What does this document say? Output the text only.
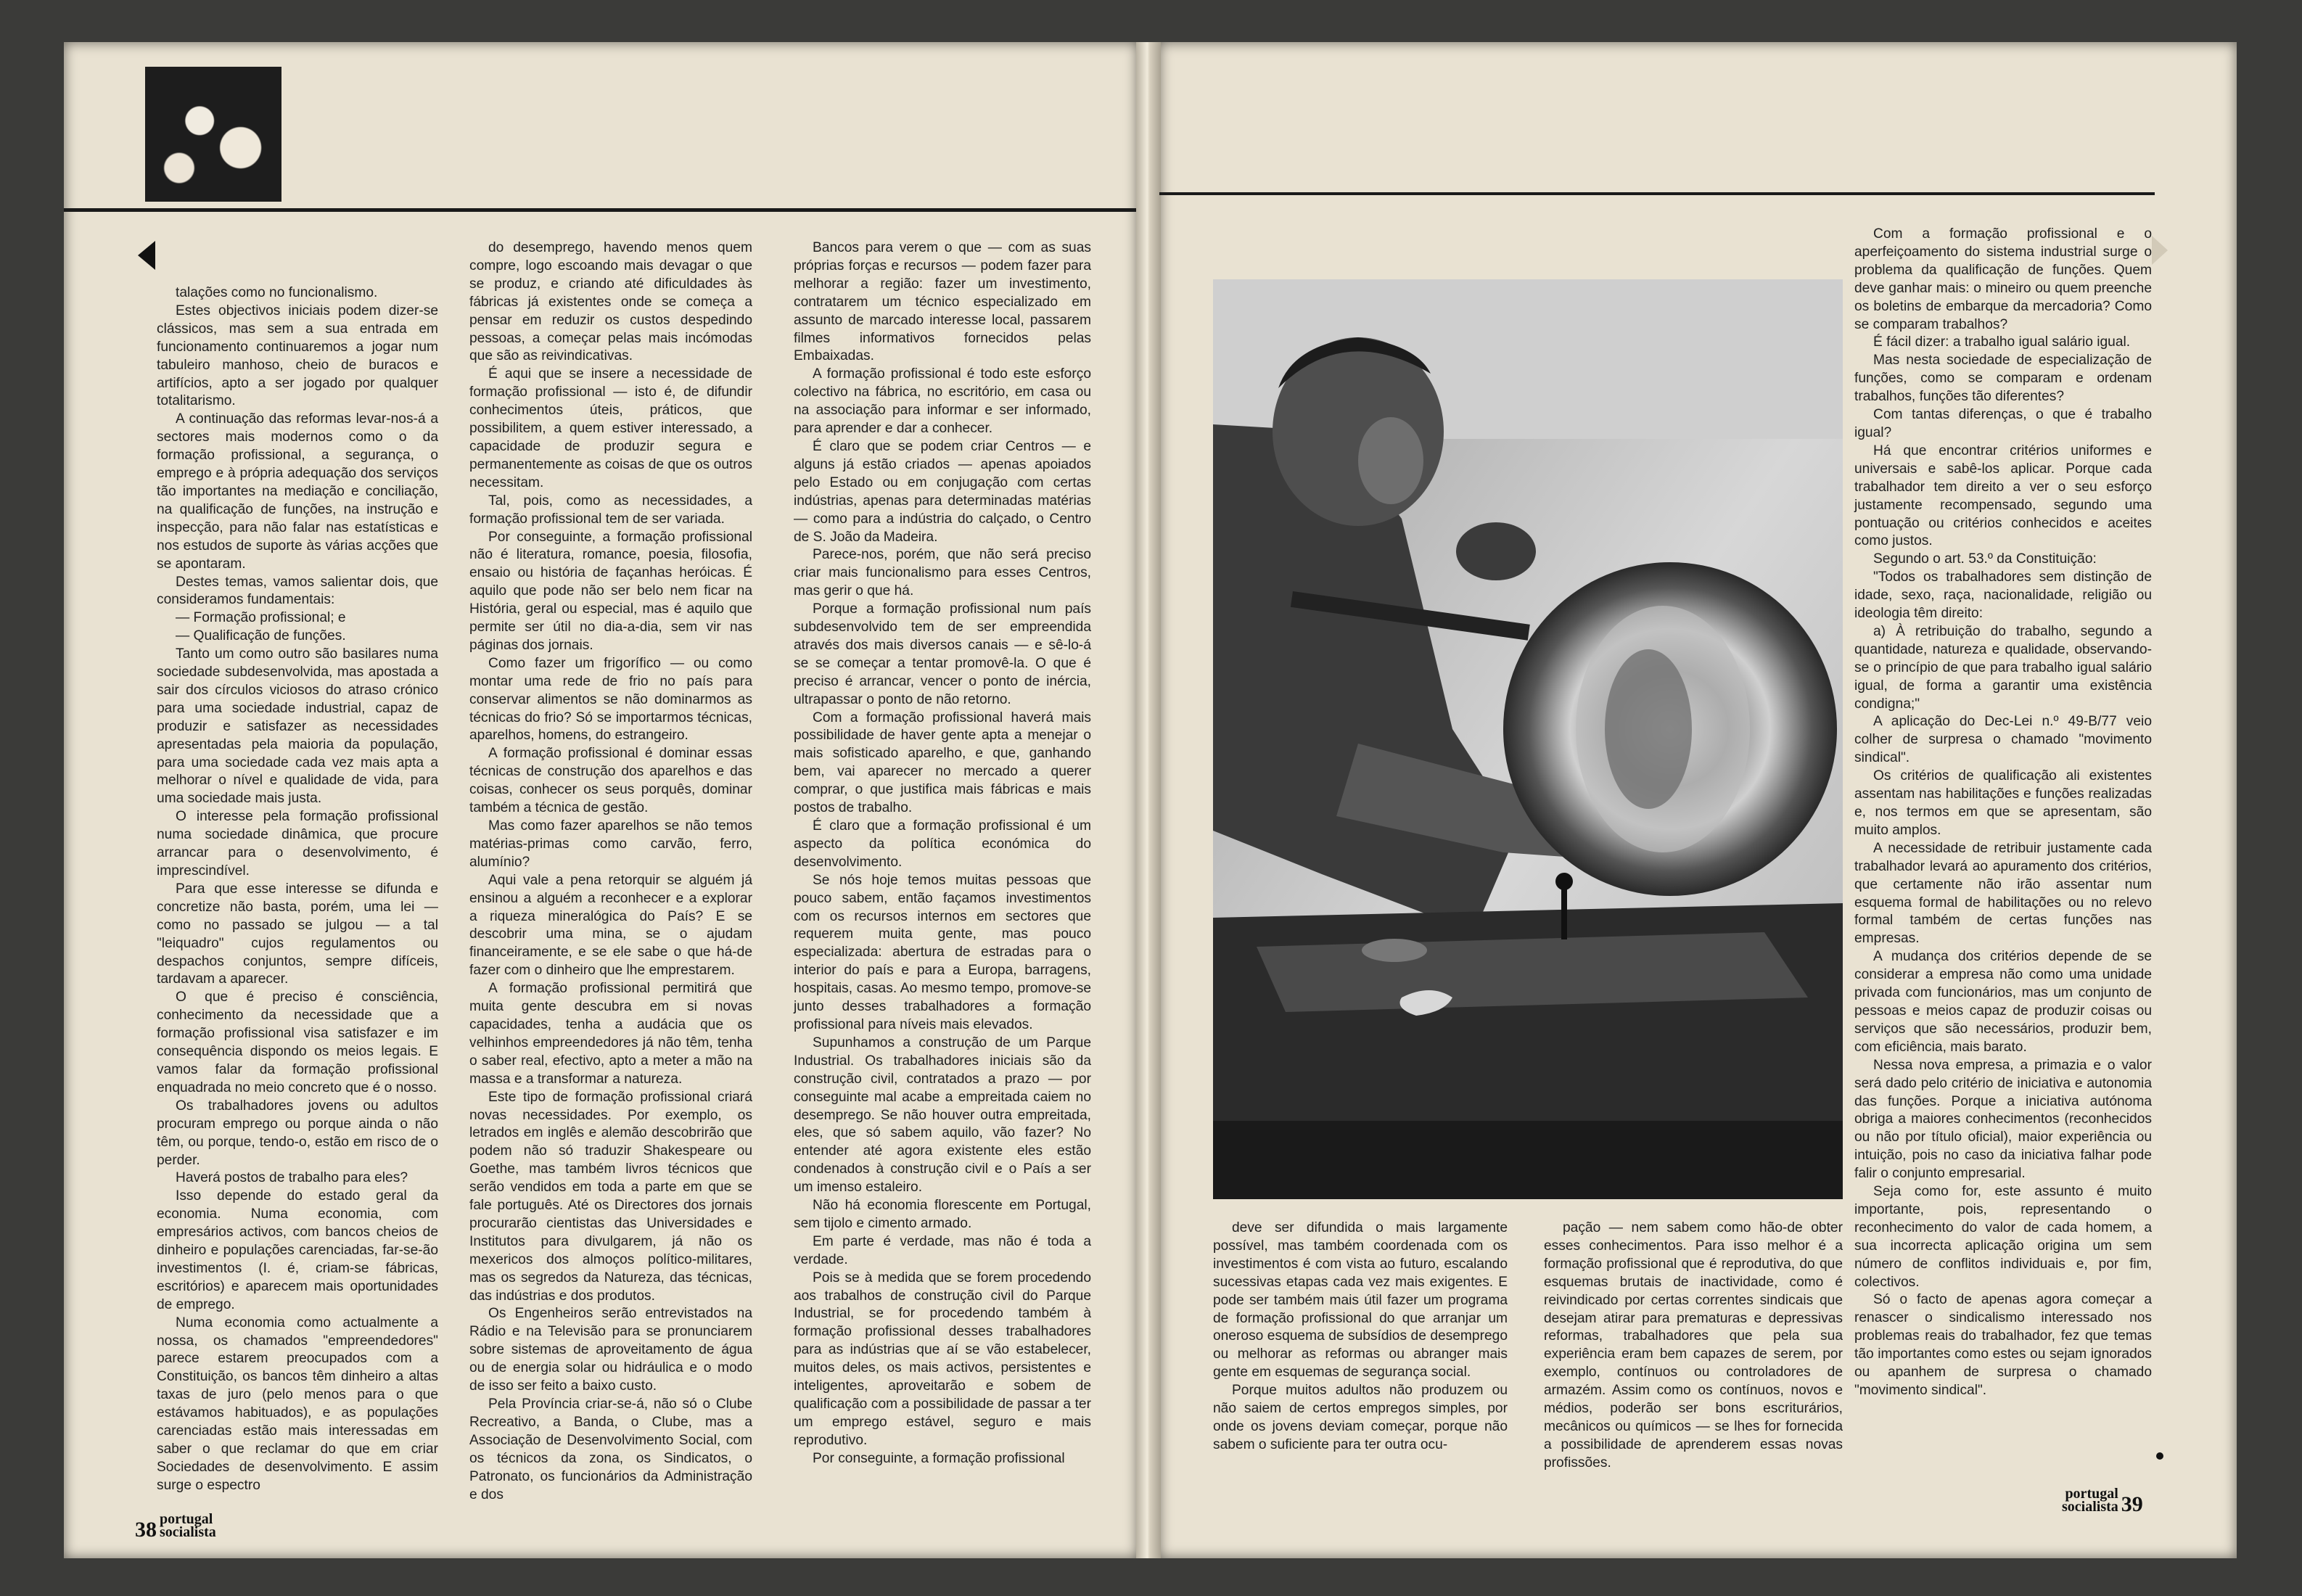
talações como no funcionalismo.

Estes objectivos iniciais podem dizer-se clássicos, mas sem a sua entrada em funcionamento continuaremos a jogar num tabuleiro manhoso, cheio de buracos e artifícios, apto a ser jogado por qualquer totalitarismo.

A continuação das reformas levar-nos-á a sectores mais modernos como o da formação profissional, a segurança, o emprego e à própria adequação dos serviços tão importantes na mediação e conciliação, na qualificação de funções, na instrução e inspecção, para não falar nas estatísticas e nos estudos de suporte às várias acções que se apontaram.

Destes temas, vamos salientar dois, que consideramos fundamentais:

— Formação profissional; e

— Qualificação de funções.

Tanto um como outro são basilares numa sociedade subdesenvolvida, mas apostada a sair dos círculos viciosos do atraso crónico para uma sociedade industrial, capaz de produzir e satisfazer as necessidades apresentadas pela maioria da população, para uma sociedade cada vez mais apta a melhorar o nível e qualidade de vida, para uma sociedade mais justa.

O interesse pela formação profissional numa sociedade dinâmica, que procure arrancar para o desenvolvimento, é imprescindível.

Para que esse interesse se difunda e concretize não basta, porém, uma lei — como no passado se julgou — a tal "leiquadro" cujos regulamentos ou despachos conjuntos, sempre difíceis, tardavam a aparecer.

O que é preciso é consciência, conhecimento da necessidade que a formação profissional visa satisfazer e im consequência dispondo os meios legais. E vamos falar da formação profissional enquadrada no meio concreto que é o nosso.

Os trabalhadores jovens ou adultos procuram emprego ou porque ainda o não têm, ou porque, tendo-o, estão em risco de o perder.

Haverá postos de trabalho para eles?

Isso depende do estado geral da economia. Numa economia, com empresários activos, com bancos cheios de dinheiro e populações carenciadas, far-se-ão investimentos (I. é, criam-se fábricas, escritórios) e aparecem mais oportunidades de emprego.

Numa economia como actualmente a nossa, os chamados "empreendedores" parece estarem preocupados com a Constituição, os bancos têm dinheiro a altas taxas de juro (pelo menos para o que estávamos habituados), e as populações carenciadas estão mais interessadas em saber o que reclamar do que em criar Sociedades de desenvolvimento. E assim surge o espectro

do desemprego, havendo menos quem compre, logo escoando mais devagar o que se produz, e criando até dificuldades às fábricas já existentes onde se começa a pensar em reduzir os custos despedindo pessoas, a começar pelas mais incómodas que são as reivindicativas.

É aqui que se insere a necessidade de formação profissional — isto é, de difundir conhecimentos úteis, práticos, que possibilitem, a quem estiver interessado, a capacidade de produzir segura e permanentemente as coisas de que os outros necessitam.

Tal, pois, como as necessidades, a formação profissional tem de ser variada.

Por conseguinte, a formação profissional não é literatura, romance, poesia, filosofia, ensaio ou história de façanhas heróicas. É aquilo que pode não ser belo nem ficar na História, geral ou especial, mas é aquilo que permite ser útil no dia-a-dia, sem vir nas páginas dos jornais.

Como fazer um frigorífico — ou como montar uma rede de frio no país para conservar alimentos se não dominarmos as técnicas do frio? Só se importarmos técnicas, aparelhos, homens, do estrangeiro.

A formação profissional é dominar essas técnicas de construção dos aparelhos e das coisas, conhecer os seus porquês, dominar também a técnica de gestão.

Mas como fazer aparelhos se não temos matérias-primas como carvão, ferro, alumínio?

Aqui vale a pena retorquir se alguém já ensinou a alguém a reconhecer e a explorar a riqueza mineralógica do País? E se descobrir uma mina, se o ajudam financeiramente, e se ele sabe o que há-de fazer com o dinheiro que lhe emprestarem.

A formação profissional permitirá que muita gente descubra em si novas capacidades, tenha a audácia que os velhinhos empreendedores já não têm, tenha o saber real, efectivo, apto a meter a mão na massa e a transformar a natureza.

Este tipo de formação profissional criará novas necessidades. Por exemplo, os letrados em inglês e alemão descobrirão que podem não só traduzir Shakespeare ou Goethe, mas também livros técnicos que serão vendidos em toda a parte em que se fale português. Até os Directores dos jornais procurarão cientistas das Universidades e Institutos para divulgarem, já não os mexericos dos almoços político-militares, mas os segredos da Natureza, das técnicas, das indústrias e dos produtos.

Os Engenheiros serão entrevistados na Rádio e na Televisão para se pronunciarem sobre sistemas de aproveitamento de água ou de energia solar ou hidráulica e o modo de isso ser feito a baixo custo.

Pela Província criar-se-á, não só o Clube Recreativo, a Banda, o Clube, mas a Associação de Desenvolvimento Social, com os técnicos da zona, os Sindicatos, o Patronato, os funcionários da Administração e dos

Bancos para verem o que — com as suas próprias forças e recursos — podem fazer para melhorar a região: fazer um investimento, contratarem um técnico especializado em assunto de marcado interesse local, passarem filmes informativos fornecidos pelas Embaixadas.

A formação profissional é todo este esforço colectivo na fábrica, no escritório, em casa ou na associação para informar e ser informado, para aprender e dar a conhecer.

É claro que se podem criar Centros — e alguns já estão criados — apenas apoiados pelo Estado ou em conjugação com certas indústrias, apenas para determinadas matérias — como para a indústria do calçado, o Centro de S. João da Madeira.

Parece-nos, porém, que não será preciso criar mais funcionalismo para esses Centros, mas gerir o que há.

Porque a formação profissional num país subdesenvolvido tem de ser empreendida através dos mais diversos canais — e sê-lo-á se se começar a tentar promovê-la. O que é preciso é arrancar, vencer o ponto de inércia, ultrapassar o ponto de não retorno.

Com a formação profissional haverá mais possibilidade de haver gente apta a menejar o mais sofisticado aparelho, e que, ganhando bem, vai aparecer no mercado a querer comprar, o que justifica mais fábricas e mais postos de trabalho.

É claro que a formação profissional é um aspecto da política económica do desenvolvimento.

Se nós hoje temos muitas pessoas que pouco sabem, então façamos investimentos com os recursos internos em sectores que requerem muita gente, mas pouco especializada: abertura de estradas para o interior do país e para a Europa, barragens, hospitais, casas. Ao mesmo tempo, promove-se junto desses trabalhadores a formação profissional para níveis mais elevados.

Supunhamos a construção de um Parque Industrial. Os trabalhadores iniciais são da construção civil, contratados a prazo — por conseguinte mal acabe a empreitada caiem no desemprego. Se não houver outra empreitada, eles, que só sabem aquilo, vão fazer? No entender até agora existente eles estão condenados à construção civil e o País a ser um imenso estaleiro.

Não há economia florescente em Portugal, sem tijolo e cimento armado.

Em parte é verdade, mas não é toda a verdade.

Pois se à medida que se forem procedendo aos trabalhos de construção civil do Parque Industrial, se for procedendo também à formação profissional desses trabalhadores para as indústrias que aí se vão estabelecer, muitos deles, os mais activos, persistentes e inteligentes, aproveitarão e sobem de qualificação com a possibilidade de passar a ter um emprego estável, seguro e mais reprodutivo.

Por conseguinte, a formação profissional

deve ser difundida o mais largamente possível, mas também coordenada com os investimentos é com vista ao futuro, escalando sucessivas etapas cada vez mais exigentes. E pode ser também mais útil fazer um programa de formação profissional do que arranjar um oneroso esquema de subsídios de desemprego ou melhorar as reformas ou abranger mais gente em esquemas de segurança social.

Porque muitos adultos não produzem ou não saiem de certos empregos simples, por onde os jovens deviam começar, porque não sabem o suficiente para ter outra ocu-

pação — nem sabem como hão-de obter esses conhecimentos. Para isso melhor é a formação profissional que é reprodutiva, do que esquemas brutais de inactividade, como é reivindicado por certas correntes sindicais que desejam atirar para prematuras e depressivas reformas, trabalhadores que pela sua experiência eram bem capazes de serem, por exemplo, contínuos ou controladores de armazém. Assim como os contínuos, novos e médios, poderão ser bons escriturários, mecânicos ou químicos — se lhes for fornecida a possibilidade de aprenderem essas novas profissões.

Com a formação profissional e o aperfeiçoamento do sistema industrial surge o problema da qualificação de funções. Quem deve ganhar mais: o mineiro ou quem preenche os boletins de embarque da mercadoria? Como se comparam trabalhos?

É fácil dizer: a trabalho igual salário igual.

Mas nesta sociedade de especialização de funções, como se comparam e ordenam trabalhos, funções tão diferentes?

Com tantas diferenças, o que é trabalho igual?

Há que encontrar critérios uniformes e universais e sabê-los aplicar. Porque cada trabalhador tem direito a ver o seu esforço justamente recompensado, segundo uma pontuação ou critérios conhecidos e aceites como justos.

Segundo o art. 53.º da Constituição:

"Todos os trabalhadores sem distinção de idade, sexo, raça, nacionalidade, religião ou ideologia têm direito:

a) À retribuição do trabalho, segundo a quantidade, natureza e qualidade, observando-se o princípio de que para trabalho igual salário igual, de forma a garantir uma existência condigna;"

A aplicação do Dec-Lei n.º 49-B/77 veio colher de surpresa o chamado "movimento sindical".

Os critérios de qualificação ali existentes assentam nas habilitações e funções realizadas e, nos termos em que se apresentam, são muito amplos.

A necessidade de retribuir justamente cada trabalhador levará ao apuramento dos critérios, que certamente não irão assentar num esquema formal de habilitações ou no relevo formal também de certas funções nas empresas.

A mudança dos critérios depende de se considerar a empresa não como uma unidade privada com funcionários, mas um conjunto de pessoas e meios capaz de produzir coisas ou serviços que são necessários, produzir bem, com eficiência, mais barato.

Nessa nova empresa, a primazia e o valor será dado pelo critério de iniciativa e autonomia das funções. Porque a iniciativa autónoma obriga a maiores conhecimentos (reconhecidos ou não por título oficial), maior experiência ou intuição, pois no caso da iniciativa falhar pode falir o conjunto empresarial.

Seja como for, este assunto é muito importante, pois, representando o reconhecimento do valor de cada homem, a sua incorrecta aplicação origina um sem número de conflitos individuais e, por fim, colectivos.

Só o facto de apenas agora começar a renascer o sindicalismo interessado nos problemas reais do trabalhador, fez que temas tão importantes como estes ou sejam ignorados ou apanhem de surpresa o chamado "movimento sindical".

38 portugal
socialista
portugal
socialista 39
